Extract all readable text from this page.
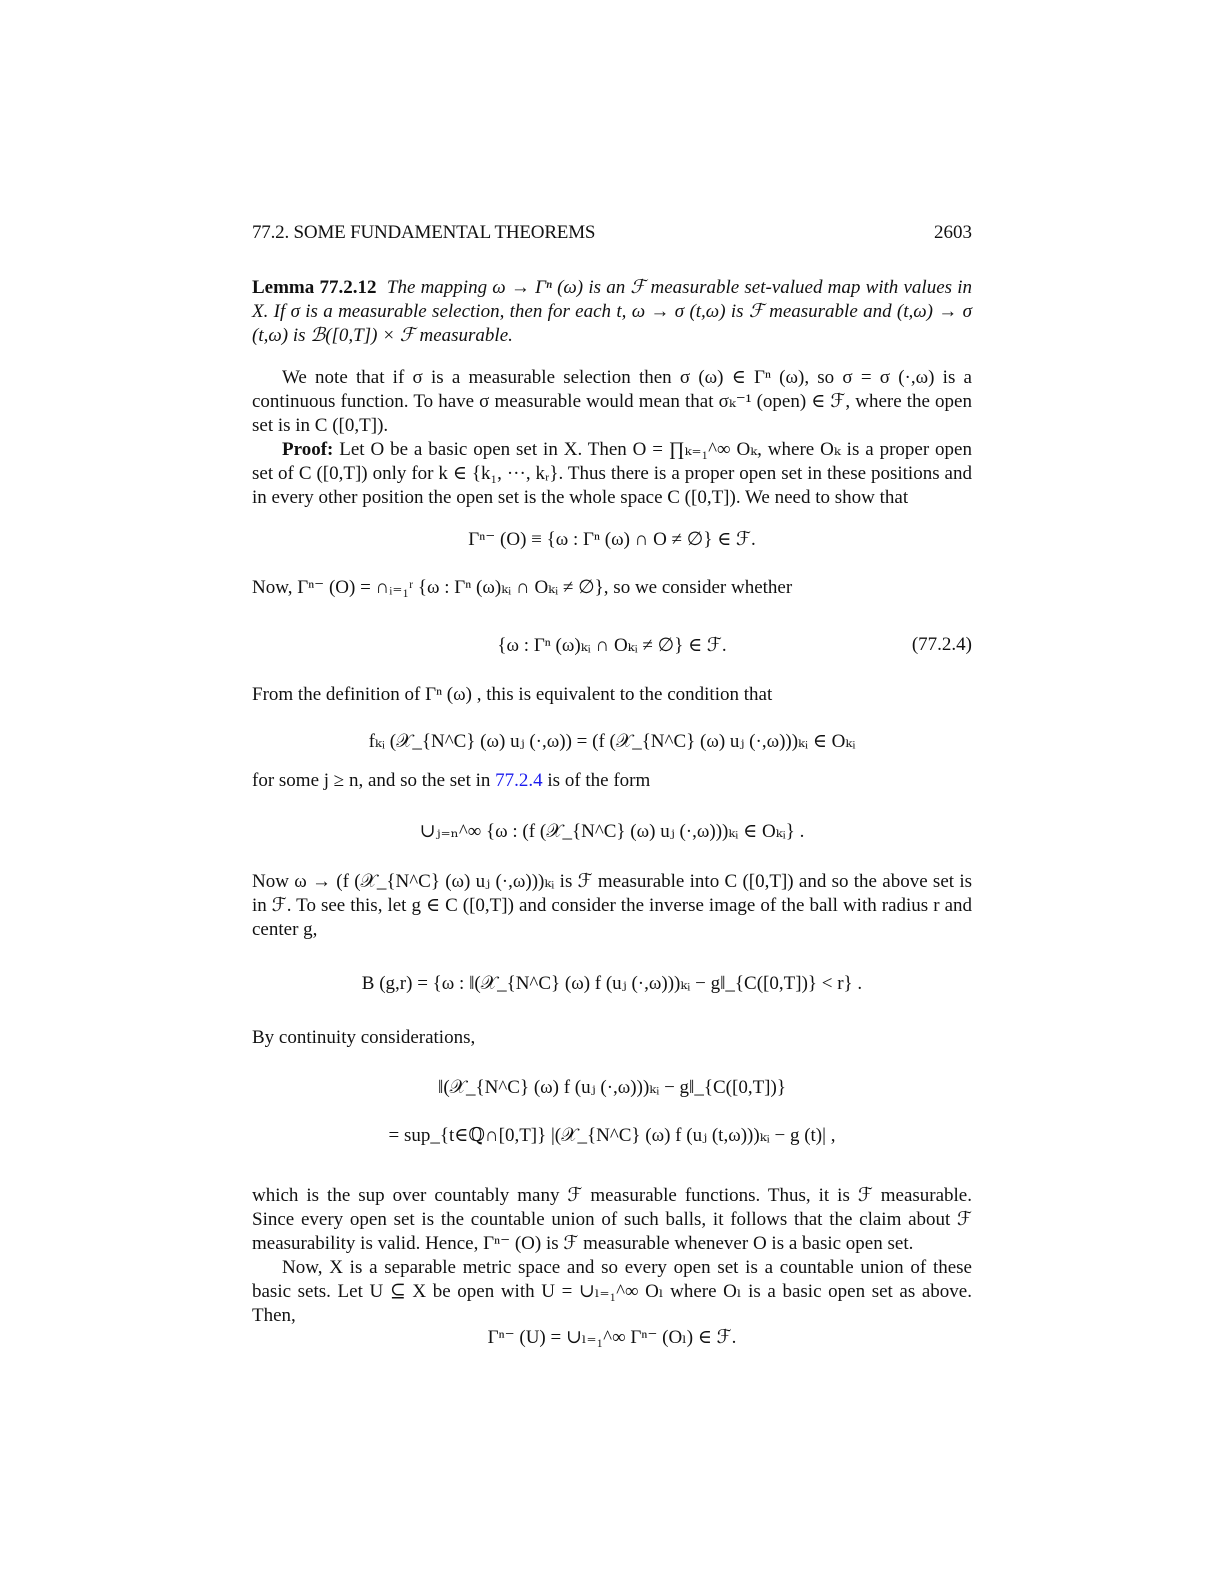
77.2. SOME FUNDAMENTAL THEOREMS	2603
Lemma 77.2.12 The mapping ω → Γⁿ (ω) is an ℱ measurable set-valued map with values in X. If σ is a measurable selection, then for each t, ω → σ (t,ω) is ℱ measurable and (t,ω) → σ (t,ω) is ℬ([0,T]) × ℱ measurable.
We note that if σ is a measurable selection then σ (ω) ∈ Γⁿ (ω), so σ = σ (·,ω) is a continuous function. To have σ measurable would mean that σₖ⁻¹ (open) ∈ ℱ, where the open set is in C ([0,T]).
Proof: Let O be a basic open set in X. Then O = ∏ₖ₌₁^∞ Oₖ, where Oₖ is a proper open set of C ([0,T]) only for k ∈ {k₁, ···, kᵣ}. Thus there is a proper open set in these positions and in every other position the open set is the whole space C ([0,T]). We need to show that
Γⁿ⁻ (O) ≡ {ω : Γⁿ (ω) ∩ O ≠ ∅} ∈ ℱ.
Now, Γⁿ⁻ (O) = ∩ᵢ₌₁ʳ {ω : Γⁿ (ω)ₖᵢ ∩ Oₖᵢ ≠ ∅}, so we consider whether
{ω : Γⁿ (ω)ₖᵢ ∩ Oₖᵢ ≠ ∅} ∈ ℱ.	(77.2.4)
From the definition of Γⁿ (ω) , this is equivalent to the condition that
fₖᵢ (𝒳_{N^C} (ω) uⱼ (·,ω)) = (f (𝒳_{N^C} (ω) uⱼ (·,ω)))ₖᵢ ∈ Oₖᵢ
for some j ≥ n, and so the set in 77.2.4 is of the form
∪ⱼ₌ₙ^∞ {ω : (f (𝒳_{N^C} (ω) uⱼ (·,ω)))ₖᵢ ∈ Oₖᵢ} .
Now ω → (f (𝒳_{N^C} (ω) uⱼ (·,ω)))ₖᵢ is ℱ measurable into C ([0,T]) and so the above set is in ℱ. To see this, let g ∈ C ([0,T]) and consider the inverse image of the ball with radius r and center g,
B (g,r) = {ω : ‖(𝒳_{N^C} (ω) f (uⱼ (·,ω)))ₖᵢ − g‖_{C([0,T])} < r} .
By continuity considerations,
‖(𝒳_{N^C} (ω) f (uⱼ (·,ω)))ₖᵢ − g‖_{C([0,T])}
= sup_{t∈ℚ∩[0,T]} |(𝒳_{N^C} (ω) f (uⱼ (t,ω)))ₖᵢ − g (t)| ,
which is the sup over countably many ℱ measurable functions. Thus, it is ℱ measurable. Since every open set is the countable union of such balls, it follows that the claim about ℱ measurability is valid. Hence, Γⁿ⁻ (O) is ℱ measurable whenever O is a basic open set.
Now, X is a separable metric space and so every open set is a countable union of these basic sets. Let U ⊆ X be open with U = ∪ₗ₌₁^∞ Oₗ where Oₗ is a basic open set as above. Then,
Γⁿ⁻ (U) = ∪ₗ₌₁^∞ Γⁿ⁻ (Oₗ) ∈ ℱ.
